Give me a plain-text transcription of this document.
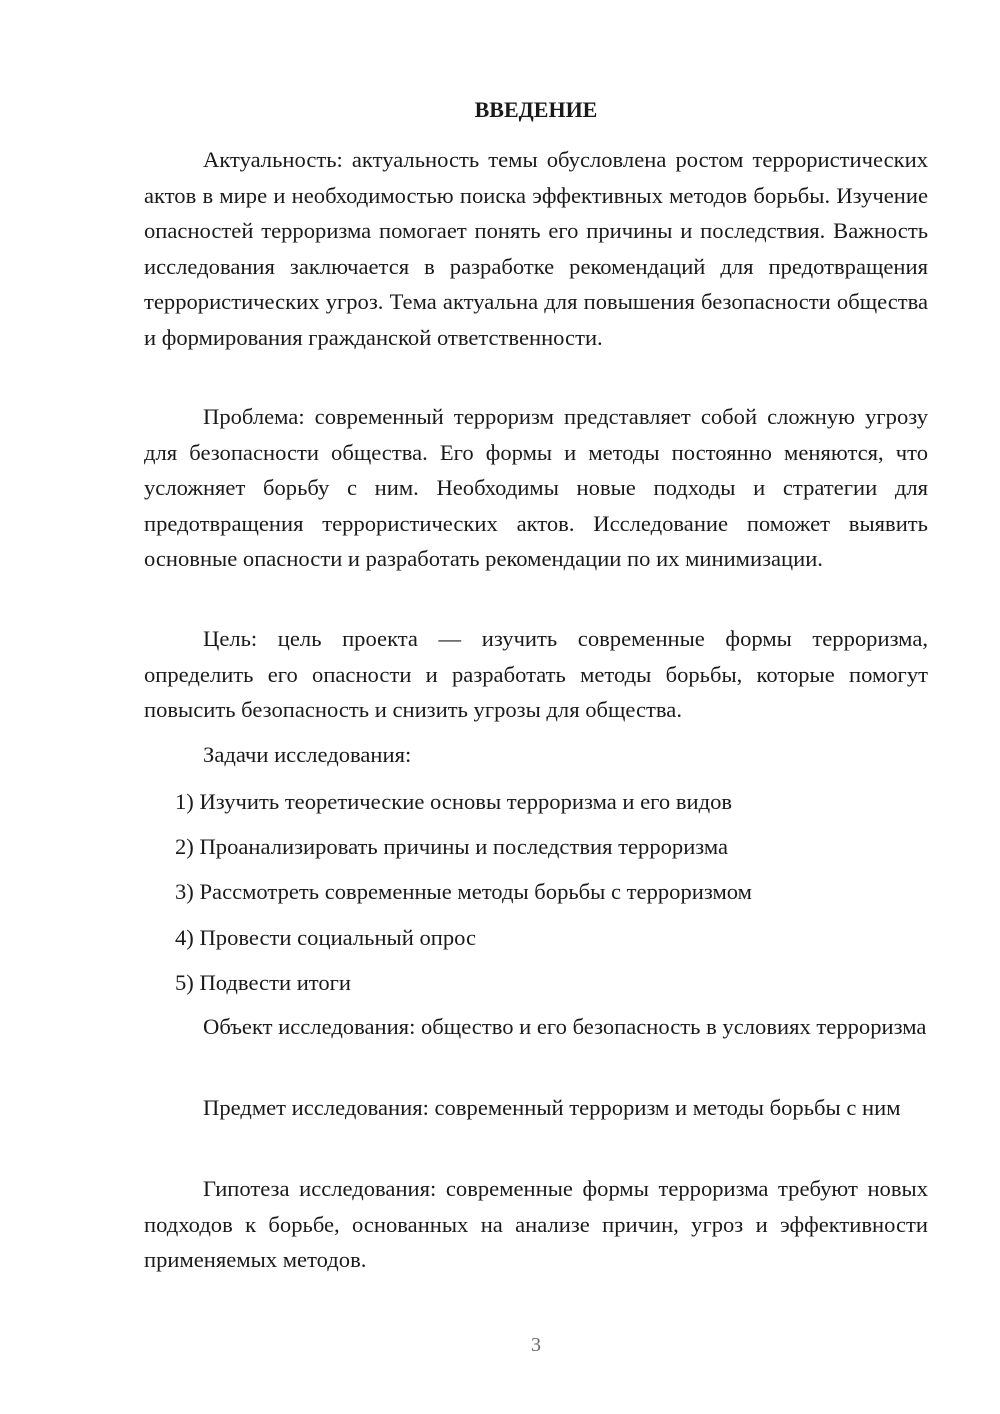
ВВЕДЕНИЕ

Актуальность: актуальность темы обусловлена ростом террористических актов в мире и необходимостью поиска эффективных методов борьбы. Изучение опасностей терроризма помогает понять его причины и последствия. Важность исследования заключается в разработке рекомендаций для предотвращения террористических угроз. Тема актуальна для повышения безопасности общества и формирования гражданской ответственности.

Проблема: современный терроризм представляет собой сложную угрозу для безопасности общества. Его формы и методы постоянно меняются, что усложняет борьбу с ним. Необходимы новые подходы и стратегии для предотвращения террористических актов. Исследование поможет выявить основные опасности и разработать рекомендации по их минимизации.

Цель: цель проекта — изучить современные формы терроризма, определить его опасности и разработать методы борьбы, которые помогут повысить безопасность и снизить угрозы для общества.

Задачи исследования:

1) Изучить теоретические основы терроризма и его видов

2) Проанализировать причины и последствия терроризма

3) Рассмотреть современные методы борьбы с терроризмом

4) Провести социальный опрос

5) Подвести итоги

Объект исследования: общество и его безопасность в условиях терроризма

Предмет исследования: современный терроризм и методы борьбы с ним

Гипотеза исследования: современные формы терроризма требуют новых подходов к борьбе, основанных на анализе причин, угроз и эффективности применяемых методов.

3
